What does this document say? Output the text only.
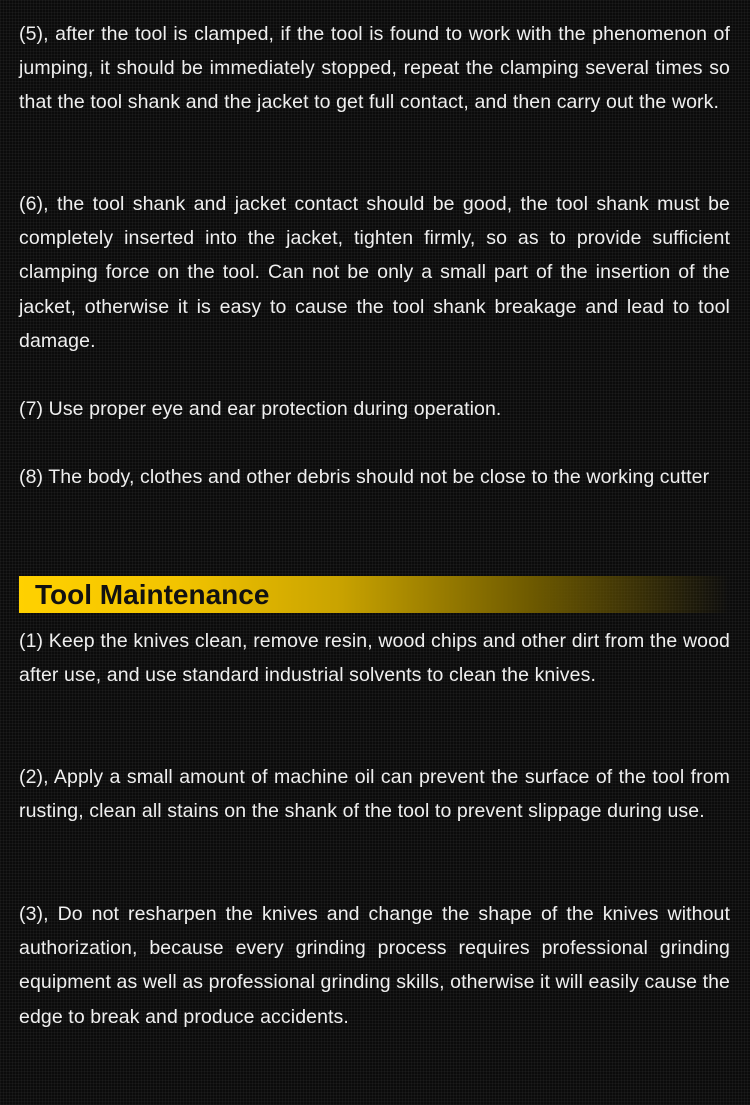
(5), after the tool is clamped, if the tool is found to work with the phenomenon of jumping, it should be immediately stopped, repeat the clamping several times so that the tool shank and the jacket to get full contact, and then carry out the work.

(6), the tool shank and jacket contact should be good, the tool shank must be completely inserted into the jacket, tighten firmly, so as to provide sufficient clamping force on the tool. Can not be only a small part of the insertion of the jacket, otherwise it is easy to cause the tool shank breakage and lead to tool damage.

(7) Use proper eye and ear protection during operation.

(8) The body, clothes and other debris should not be close to the working cutter

Tool Maintenance

(1) Keep the knives clean, remove resin, wood chips and other dirt from the wood after use, and use standard industrial solvents to clean the knives.

(2), Apply a small amount of machine oil can prevent the surface of the tool from rusting, clean all stains on the shank of the tool to prevent slippage during use.

(3), Do not resharpen the knives and change the shape of the knives without authorization, because every grinding process requires professional grinding equipment as well as professional grinding skills, otherwise it will easily cause the edge to break and produce accidents.
